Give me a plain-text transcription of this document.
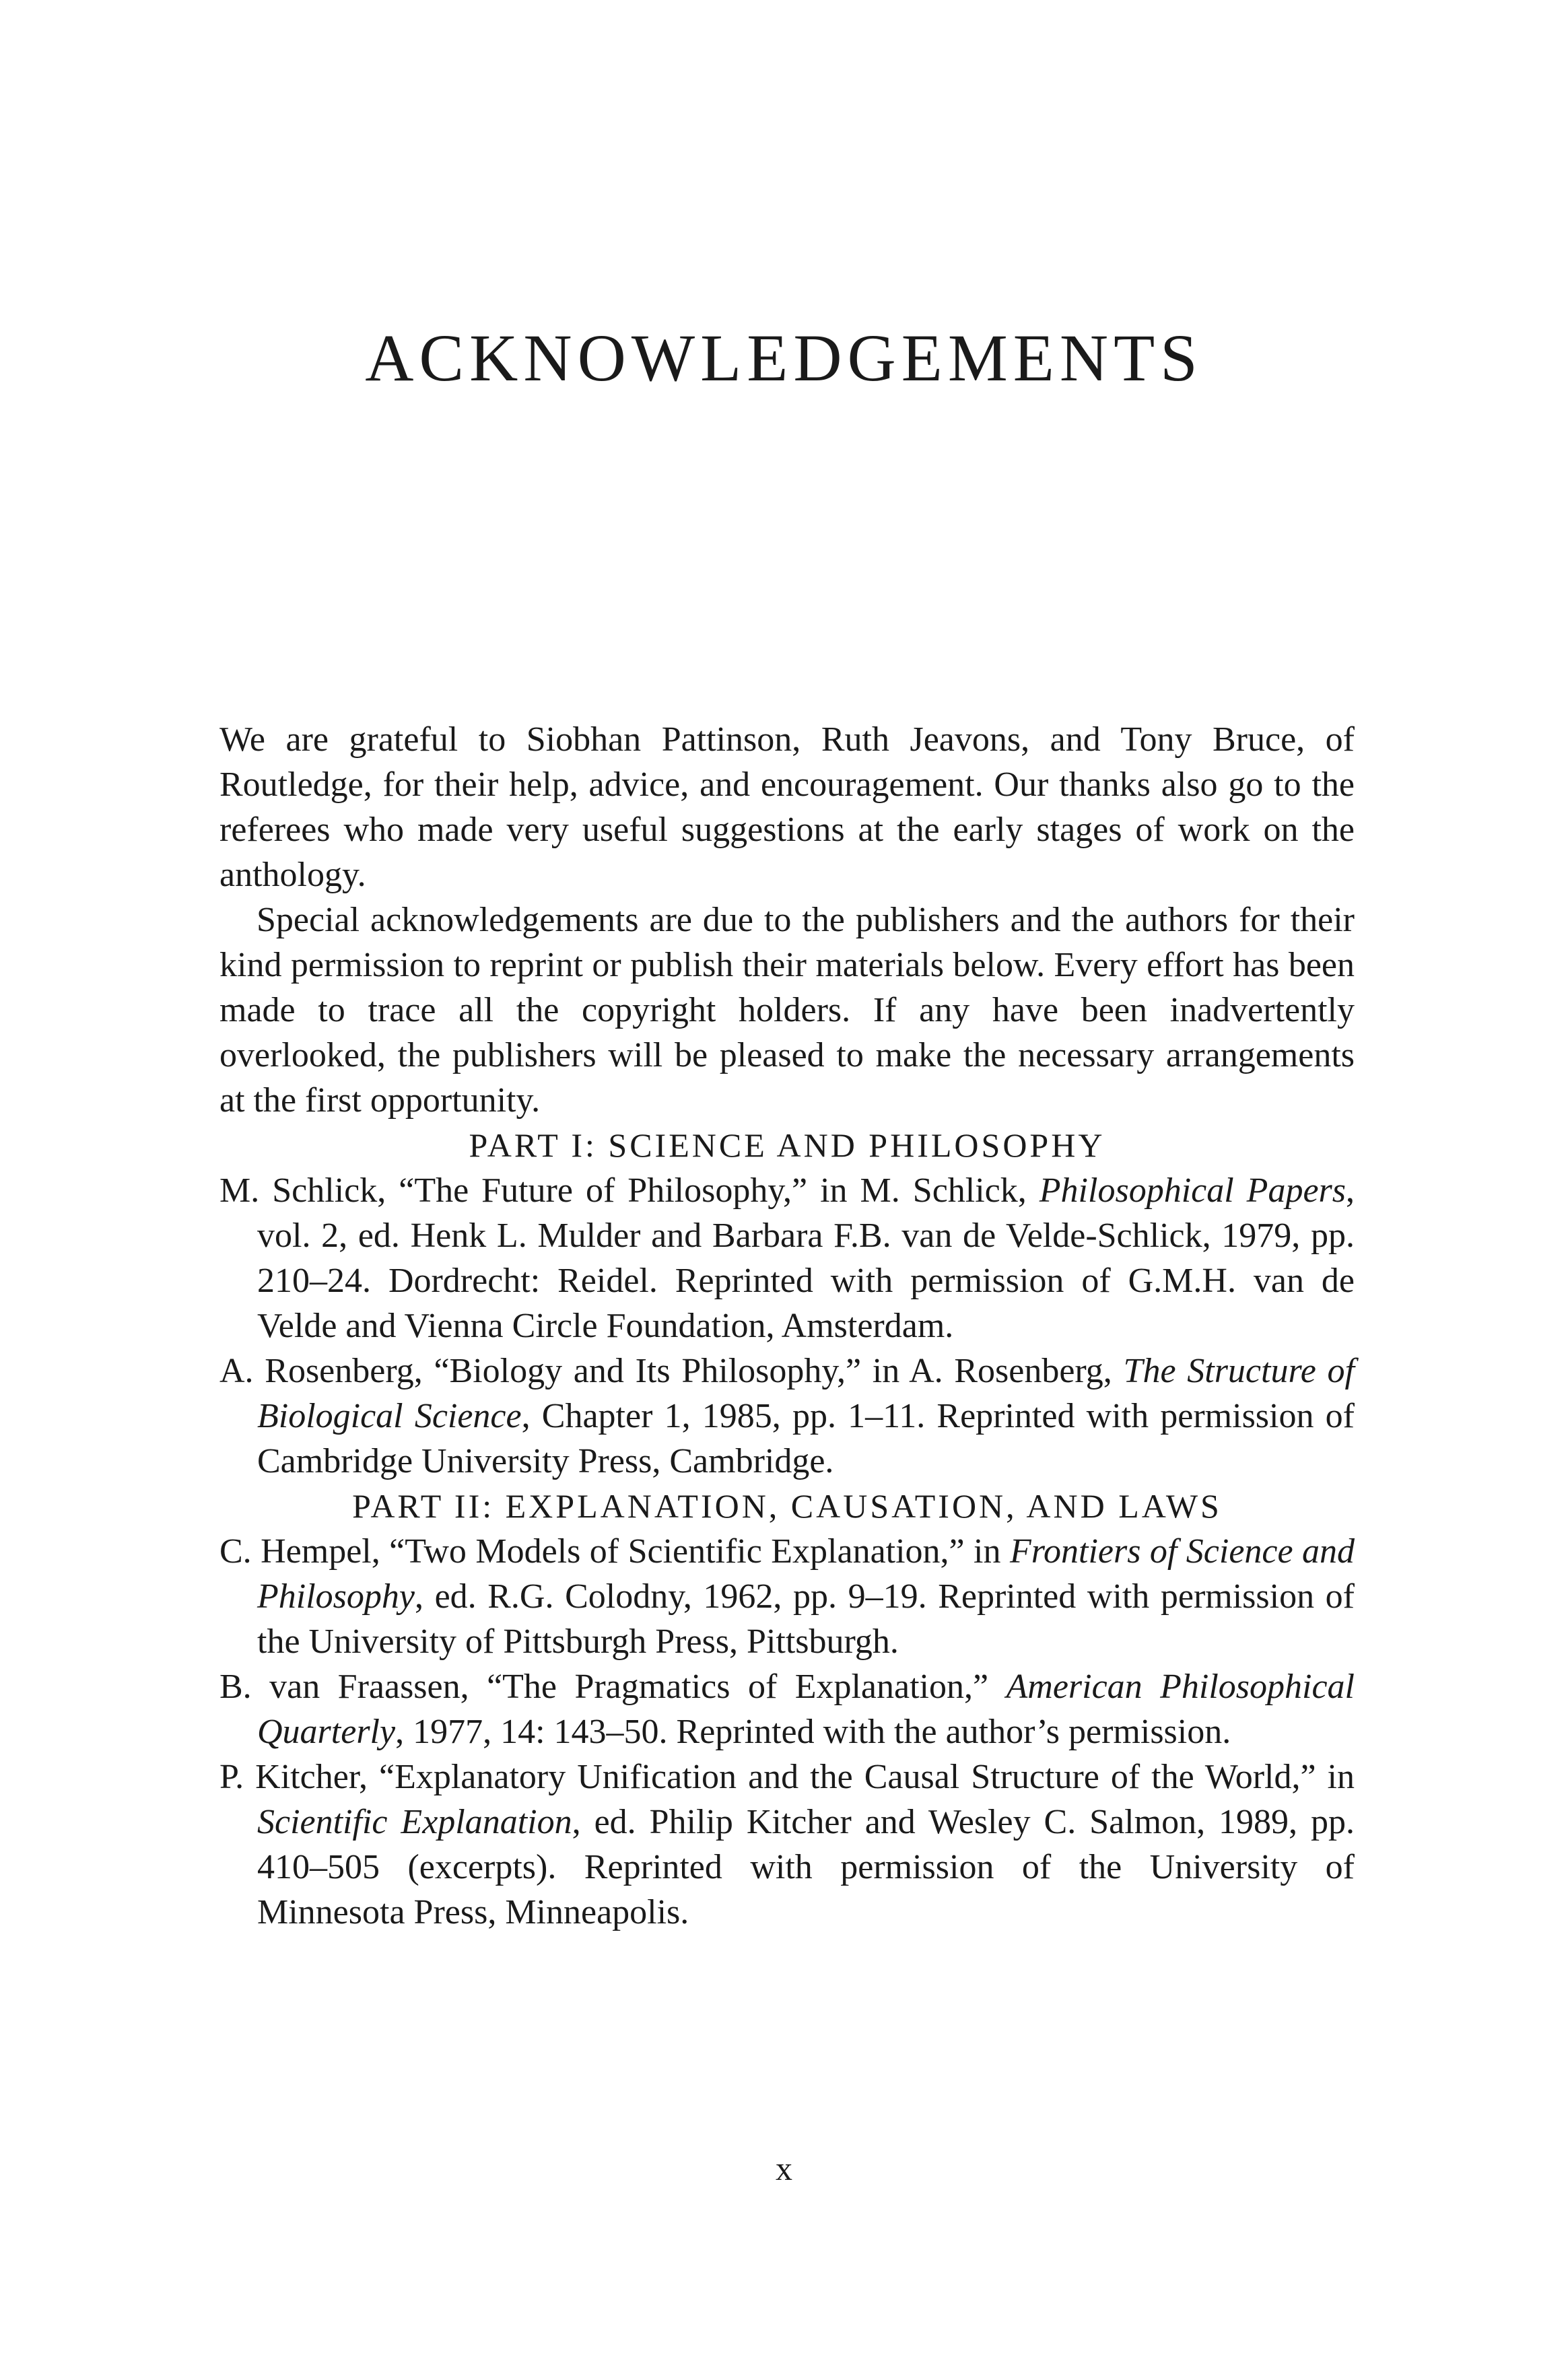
ACKNOWLEDGEMENTS

We are grateful to Siobhan Pattinson, Ruth Jeavons, and Tony Bruce, of Routledge, for their help, advice, and encouragement. Our thanks also go to the referees who made very useful suggestions at the early stages of work on the anthology.

Special acknowledgements are due to the publishers and the authors for their kind permission to reprint or publish their materials below. Every effort has been made to trace all the copyright holders. If any have been inadvertently overlooked, the publishers will be pleased to make the necessary arrangements at the first opportunity.

PART I: SCIENCE AND PHILOSOPHY

M. Schlick, “The Future of Philosophy,” in M. Schlick, Philosophical Papers, vol. 2, ed. Henk L. Mulder and Barbara F.B. van de Velde-Schlick, 1979, pp. 210–24. Dordrecht: Reidel. Reprinted with permission of G.M.H. van de Velde and Vienna Circle Foundation, Amsterdam.

A. Rosenberg, “Biology and Its Philosophy,” in A. Rosenberg, The Structure of Biological Science, Chapter 1, 1985, pp. 1–11. Reprinted with permission of Cambridge University Press, Cambridge.

PART II: EXPLANATION, CAUSATION, AND LAWS

C. Hempel, “Two Models of Scientific Explanation,” in Frontiers of Science and Philosophy, ed. R.G. Colodny, 1962, pp. 9–19. Reprinted with permission of the University of Pittsburgh Press, Pittsburgh.

B. van Fraassen, “The Pragmatics of Explanation,” American Philosophical Quarterly, 1977, 14: 143–50. Reprinted with the author’s permission.

P. Kitcher, “Explanatory Unification and the Causal Structure of the World,” in Scientific Explanation, ed. Philip Kitcher and Wesley C. Salmon, 1989, pp. 410–505 (excerpts). Reprinted with permission of the University of Minnesota Press, Minneapolis.

x
